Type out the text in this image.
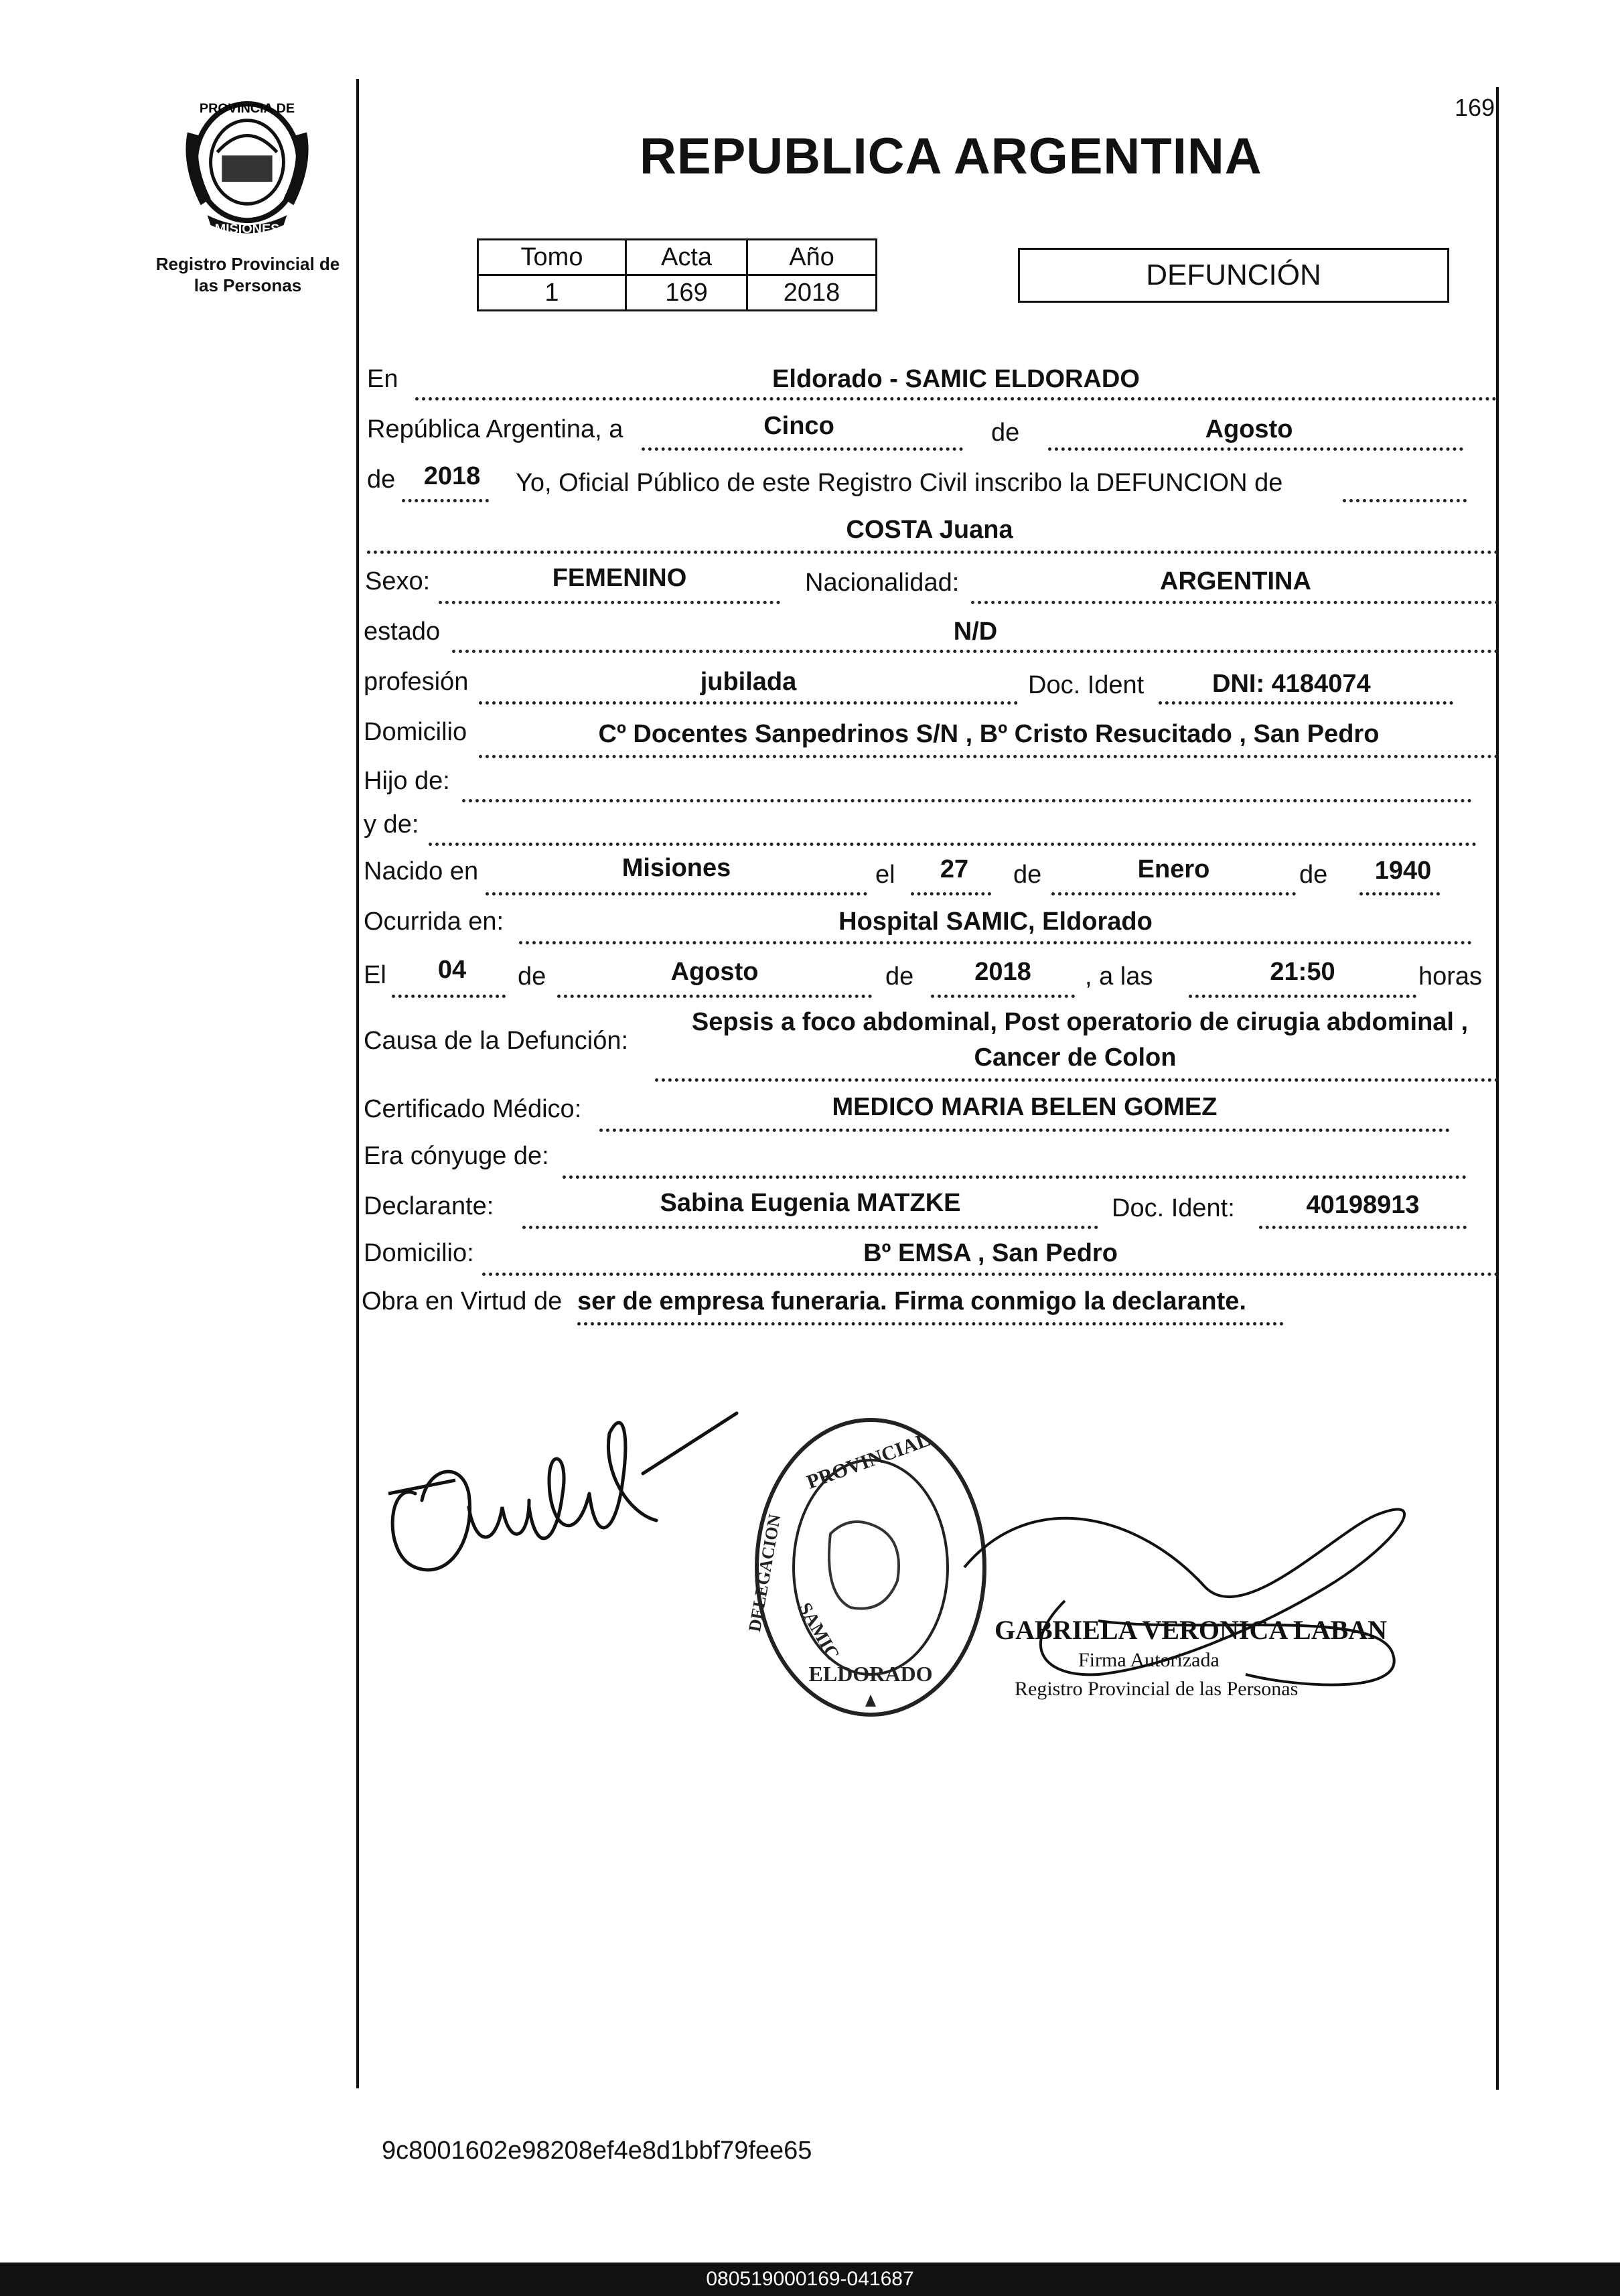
PROVINCIA DE
MISIONES
Registro Provincial de
las Personas
169
REPUBLICA ARGENTINA
Tomo	Acta	Año
1	169	2018
DEFUNCIÓN
En	Eldorado - SAMIC ELDORADO
República Argentina, a	Cinco	de	Agosto
de	2018	Yo, Oficial Público de este Registro Civil inscribo la DEFUNCION de
COSTA Juana
Sexo:	FEMENINO	Nacionalidad:	ARGENTINA
estado	N/D
profesión	jubilada	Doc. Ident	DNI: 4184074
Domicilio	Cº Docentes Sanpedrinos S/N , Bº Cristo Resucitado , San Pedro
Hijo de:
y de:
Nacido en	Misiones	el	27	de	Enero	de	1940
Ocurrida en:	Hospital SAMIC, Eldorado
El	04	de	Agosto	de	2018	, a las	21:50	horas
Causa de la Defunción:
Sepsis a foco abdominal, Post operatorio de cirugia abdominal ,
Cancer de Colon
Certificado Médico:	MEDICO MARIA BELEN GOMEZ
Era cónyuge de:
Declarante:	Sabina Eugenia MATZKE	Doc. Ident:	40198913
Domicilio:	Bº EMSA , San Pedro
Obra en Virtud de ser de empresa funeraria. Firma conmigo la declarante.
PROVINCIAL
DELEGACION
ELDORADO
SAMIC	GABRIELA VERONICA LABAN
Firma Autorizada
Registro Provincial de las Personas
9c8001602e98208ef4e8d1bbf79fee65
080519000169-041687
